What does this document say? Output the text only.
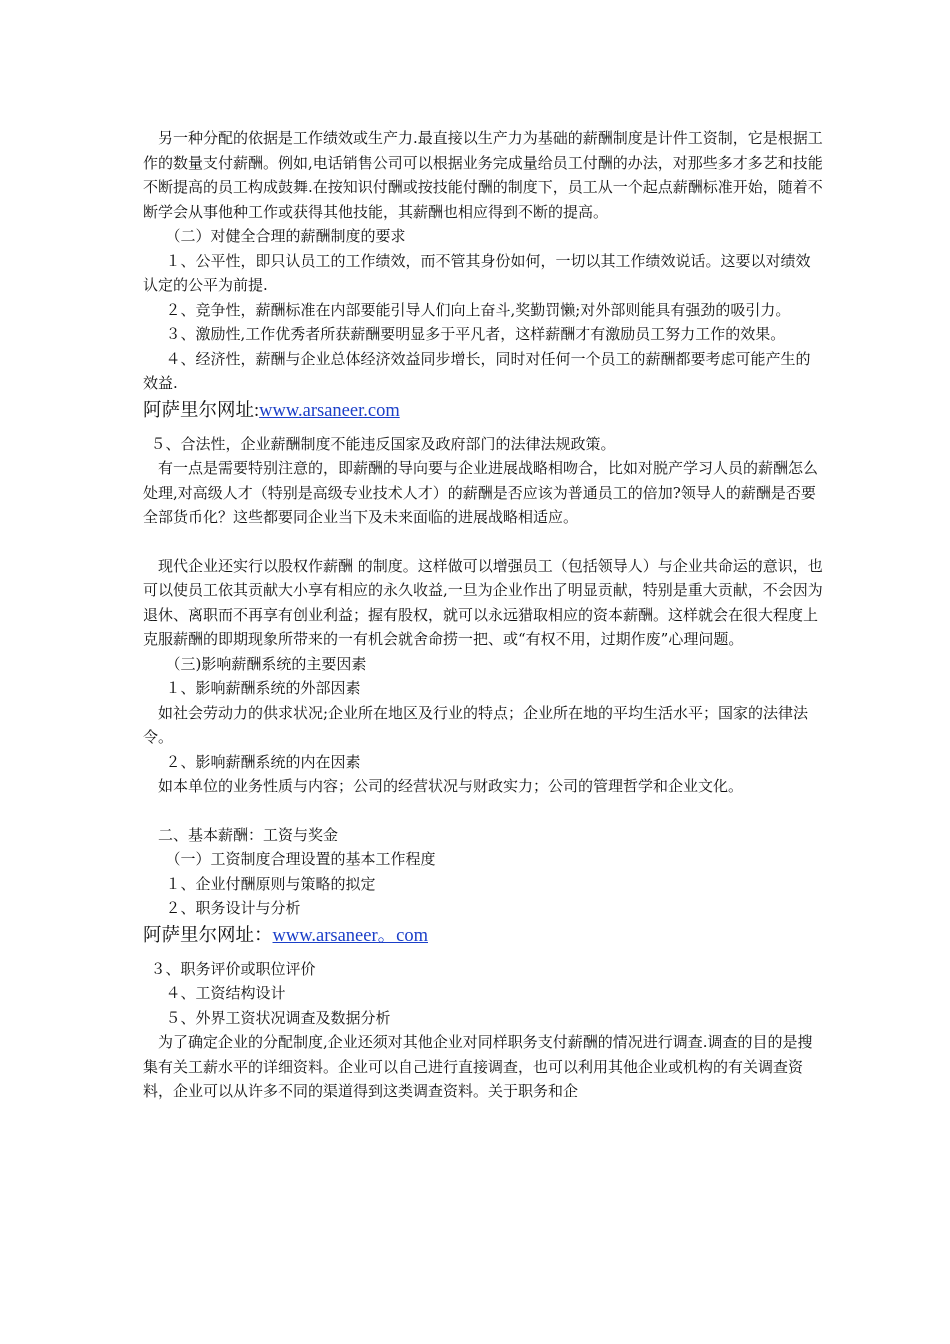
另一种分配的依据是工作绩效或生产力.最直接以生产力为基础的薪酬制度是计件工资制，它是根据工作的数量支付薪酬。例如,电话销售公司可以根据业务完成量给员工付酬的办法，对那些多才多艺和技能不断提高的员工构成鼓舞.在按知识付酬或按技能付酬的制度下，员工从一个起点薪酬标准开始，随着不断学会从事他种工作或获得其他技能，其薪酬也相应得到不断的提高。

（二）对健全合理的薪酬制度的要求

１、公平性，即只认员工的工作绩效，而不管其身份如何，一切以其工作绩效说话。这要以对绩效认定的公平为前提.

２、竞争性，薪酬标准在内部要能引导人们向上奋斗,奖勤罚懒;对外部则能具有强劲的吸引力。

３、激励性,工作优秀者所获薪酬要明显多于平凡者，这样薪酬才有激励员工努力工作的效果。

４、经济性，薪酬与企业总体经济效益同步增长，同时对任何一个员工的薪酬都要考虑可能产生的效益.

阿萨里尔网址:www.arsaneer.com

５、合法性，企业薪酬制度不能违反国家及政府部门的法律法规政策。

有一点是需要特别注意的，即薪酬的导向要与企业进展战略相吻合，比如对脱产学习人员的薪酬怎么处理,对高级人才（特别是高级专业技术人才）的薪酬是否应该为普通员工的倍加?领导人的薪酬是否要全部货币化？这些都要同企业当下及未来面临的进展战略相适应。

现代企业还实行以股权作薪酬 的制度。这样做可以增强员工（包括领导人）与企业共命运的意识，也可以使员工依其贡献大小享有相应的永久收益,一旦为企业作出了明显贡献，特别是重大贡献，不会因为退休、离职而不再享有创业利益；握有股权，就可以永远猎取相应的资本薪酬。这样就会在很大程度上克服薪酬的即期现象所带来的一有机会就舍命捞一把、或“有权不用，过期作废”心理问题。

（三)影响薪酬系统的主要因素

１、影响薪酬系统的外部因素

如社会劳动力的供求状况;企业所在地区及行业的特点；企业所在地的平均生活水平；国家的法律法令。

２、影响薪酬系统的内在因素

如本单位的业务性质与内容；公司的经营状况与财政实力；公司的管理哲学和企业文化。

二、基本薪酬：工资与奖金

（一）工资制度合理设置的基本工作程度

１、企业付酬原则与策略的拟定

２、职务设计与分析

阿萨里尔网址：www.arsaneer。com

３、职务评价或职位评价

４、工资结构设计

５、外界工资状况调查及数据分析

为了确定企业的分配制度,企业还须对其他企业对同样职务支付薪酬的情况进行调查.调查的目的是搜集有关工薪水平的详细资料。企业可以自己进行直接调查，也可以利用其他企业或机构的有关调查资料，企业可以从许多不同的渠道得到这类调查资料。关于职务和企
